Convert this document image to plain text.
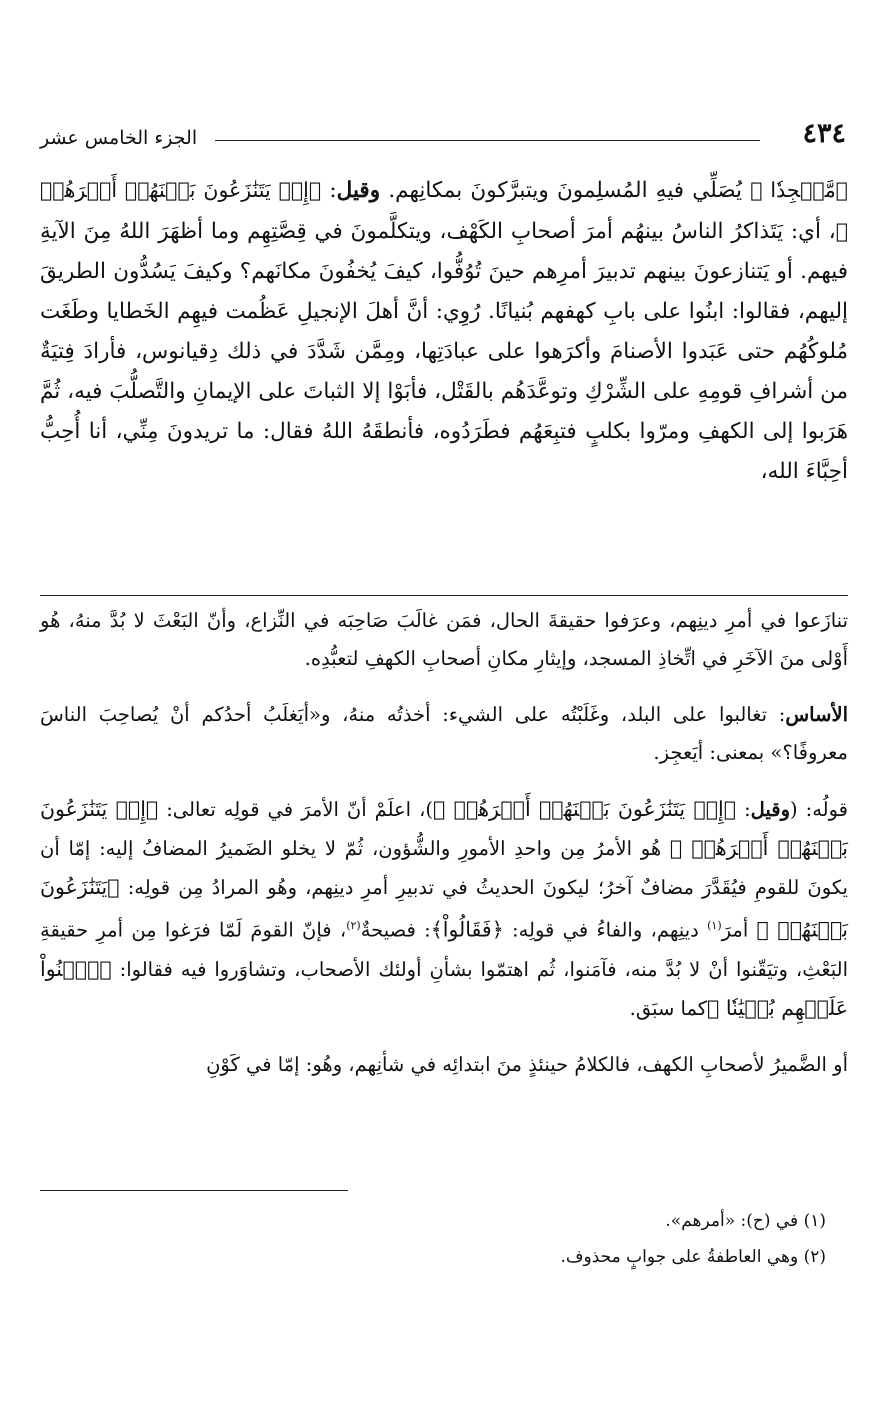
٤٣٤
الجزء الخامس عشر

﴿مَّسۡجِدٗا ﴾ يُصَلِّي فيهِ المُسلِمونَ ويتبرَّكونَ بمكانِهم. وقيل: ﴿إِذۡ يَتَنَٰزَعُونَ بَيۡنَهُمۡ أَمۡرَهُمۡ ﴾، أي: يَتَذاكرُ الناسُ بينهُم أمرَ أصحابِ الكَهْف، ويتكلَّمونَ في قِصَّتِهِم وما أظهَرَ اللهُ مِنَ الآيةِ فيهم. أو يَتنازعونَ بينهم تدبيرَ أمرِهم حينَ تُوُفُّوا، كيفَ يُخفُونَ مكانَهم؟ وكيفَ يَسُدُّون الطريقَ إليهم، فقالوا: ابنُوا على بابِ كهفهم بُنيانًا. رُوِي: أنَّ أهلَ الإنجيلِ عَظُمت فيهِم الخَطايا وطَغَت مُلوكُهُم حتى عَبَدوا الأصنامَ وأكرَهوا على عبادَتِها، ومِمَّن شَدَّدَ في ذلك دِقيانوس، فأرادَ فِتيَةٌ من أشرافِ قومِهِ على الشِّرْكِ وتوعَّدَهُم بالقَتْل، فأبَوْا إلا الثباتَ على الإيمانِ والتَّصلُّبَ فيه، ثُمَّ هَرَبوا إلى الكهفِ ومرّوا بكلبٍ فتبِعَهُم فطَرَدُوه، فأنطقَهُ اللهُ فقال: ما تريدونَ مِنِّي، أنا أُحِبُّ أحِبَّاءَ الله،

تنازَعوا في أمرِ دينِهم، وعرَفوا حقيقةَ الحال، فمَن غالَبَ صَاحِبَه في النِّزاع، وأنّ البَعْثَ لا بُدَّ منهُ، هُو أَوْلى منَ الآخَرِ في اتِّخاذِ المسجد، وإيثارِ مكانِ أصحابِ الكهفِ لتعبُّدِه.

الأساس: تغالبوا على البلد، وغَلَبْتُه على الشيء: أخذتُه منهُ، و«أيَغلَبُ أحدُكم أنْ يُصاحِبَ الناسَ معروفًا؟» بمعنى: أيَعجِز.

قولُه: (وقيل: ﴿إِذۡ يَتَنَٰزَعُونَ بَيۡنَهُمۡ أَمۡرَهُمۡ ﴾)، اعلَمْ أنّ الأمرَ في قولِه تعالى: ﴿إِذۡ يَتَنَٰزَعُونَ بَيۡنَهُمۡ أَمۡرَهُمۡ ﴾ هُو الأمرُ مِن واحدِ الأمورِ والشُّؤون، ثُمّ لا يخلو الضَميرُ المضافُ إليه: إمّا أن يكونَ للقومِ فيُقَدَّرَ مضافٌ آخرُ؛ ليكونَ الحديثُ في تدبيرِ أمرِ دينِهم، وهُو المرادُ مِن قولِه: ﴿يَتَنَٰزَعُونَ بَيۡنَهُمۡ ﴾ أمرَ$^{(١)}$ دينِهم، والفاءُ في قولِه: ﴿فَقَالُواْ﴾: فصيحةٌ$^{(٢)}$، فإنّ القومَ لَمّا فرَغوا مِن أمرِ حقيقةِ البَعْثِ، وتيَقّنوا أنْ لا بُدَّ منه، فآمَنوا، ثُم اهتمّوا بشأنِ أولئك الأصحاب، وتشاوَروا فيه فقالوا: ﴿ٱبۡنُواْ عَلَيۡهِم بُنۡيَٰنٗا ﴾كما سبَق.

أو الضَّميرُ لأصحابِ الكهف، فالكلامُ حينئذٍ منَ ابتدائِه في شأنِهم، وهُو: إمّا في كَوْنِ

(١) في (ح): «أمرهم».
(٢) وهي العاطفةُ على جوابٍ محذوف.
